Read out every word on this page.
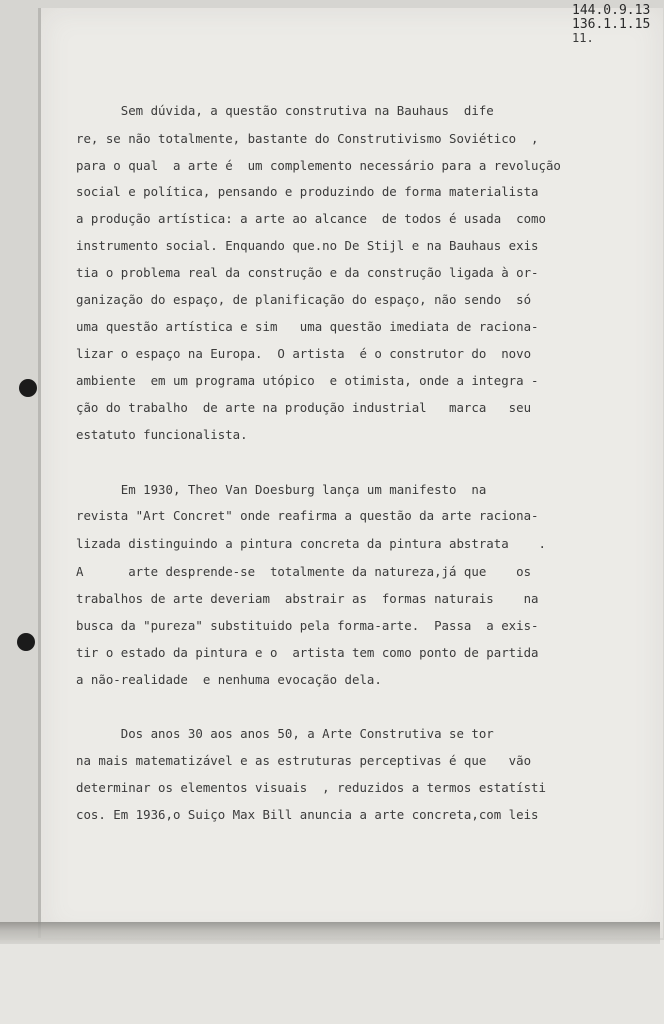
144.0.9.13
136.1.1.15
11.
Sem dúvida, a questão construtiva na Bauhaus  dife
re, se não totalmente, bastante do Construtivismo Soviético  ,
para o qual  a arte é  um complemento necessário para a revolução
social e política, pensando e produzindo de forma materialista
a produção artística: a arte ao alcance  de todos é usada  como
instrumento social. Enquando que.no De Stijl e na Bauhaus exis
tia o problema real da construção e da construção ligada à or-
ganização do espaço, de planificação do espaço, não sendo  só
uma questão artística e sim   uma questão imediata de raciona-
lizar o espaço na Europa.  O artista  é o construtor do  novo
ambiente  em um programa utópico  e otimista, onde a integra -
ção do trabalho  de arte na produção industrial   marca   seu
estatuto funcionalista.
Em 1930, Theo Van Doesburg lança um manifesto  na
revista "Art Concret" onde reafirma a questão da arte raciona-
lizada distinguindo a pintura concreta da pintura abstrata    .
A      arte desprende-se  totalmente da natureza,já que    os
trabalhos de arte deveriam  abstrair as  formas naturais    na
busca da "pureza" substituido pela forma-arte.  Passa  a exis-
tir o estado da pintura e o  artista tem como ponto de partida
a não-realidade  e nenhuma evocação dela.
Dos anos 30 aos anos 50, a Arte Construtiva se tor
na mais matematizável e as estruturas perceptivas é que   vão
determinar os elementos visuais  , reduzidos a termos estatísti
cos. Em 1936,o Suiço Max Bill anuncia a arte concreta,com leis
